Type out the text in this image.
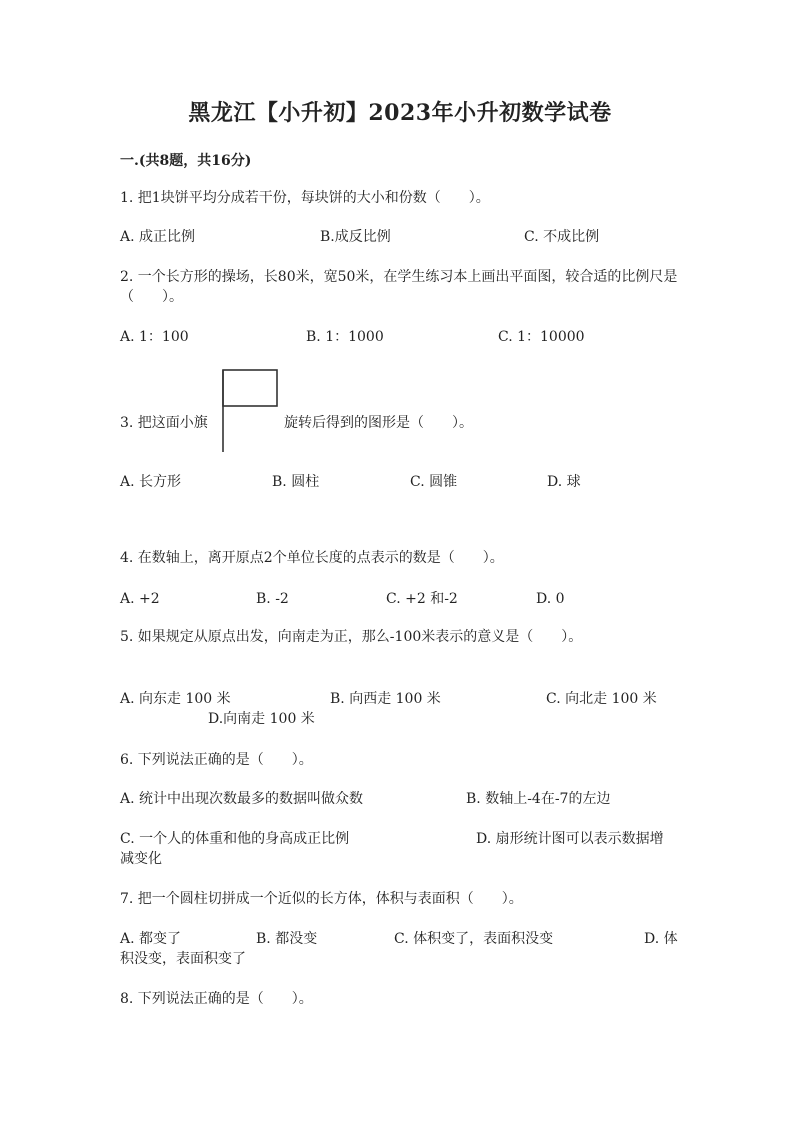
黑龙江【小升初】2023年小升初数学试卷
一.(共8题，共16分)
1. 把1块饼平均分成若干份，每块饼的大小和份数（　　）。
A. 成正比例	B.成反比例	C. 不成比例
2. 一个长方形的操场，长80米，宽50米，在学生练习本上画出平面图，较合适的比例尺是（　　）。
A. 1：100	B. 1：1000	C. 1：10000
3. 把这面小旗	旋转后得到的图形是（　　）。
A. 长方形	B. 圆柱	C. 圆锥	D. 球
4. 在数轴上，离开原点2个单位长度的点表示的数是（　　）。
A. +2	B. -2	C. +2 和-2	D. 0
5. 如果规定从原点出发，向南走为正，那么-100米表示的意义是（　　）。
A. 向东走 100 米	B. 向西走 100 米	C. 向北走 100 米
D.向南走 100 米
6. 下列说法正确的是（　　）。
A. 统计中出现次数最多的数据叫做众数	B. 数轴上-4在-7的左边
C. 一个人的体重和他的身高成正比例	D. 扇形统计图可以表示数据增
7. 把一个圆柱切拼成一个近似的长方体，体积与表面积（　　）。
A. 都变了	B. 都没变	C. 体积变了，表面积没变	D. 体
8. 下列说法正确的是（　　）。
减变化
积没变，表面积变了
